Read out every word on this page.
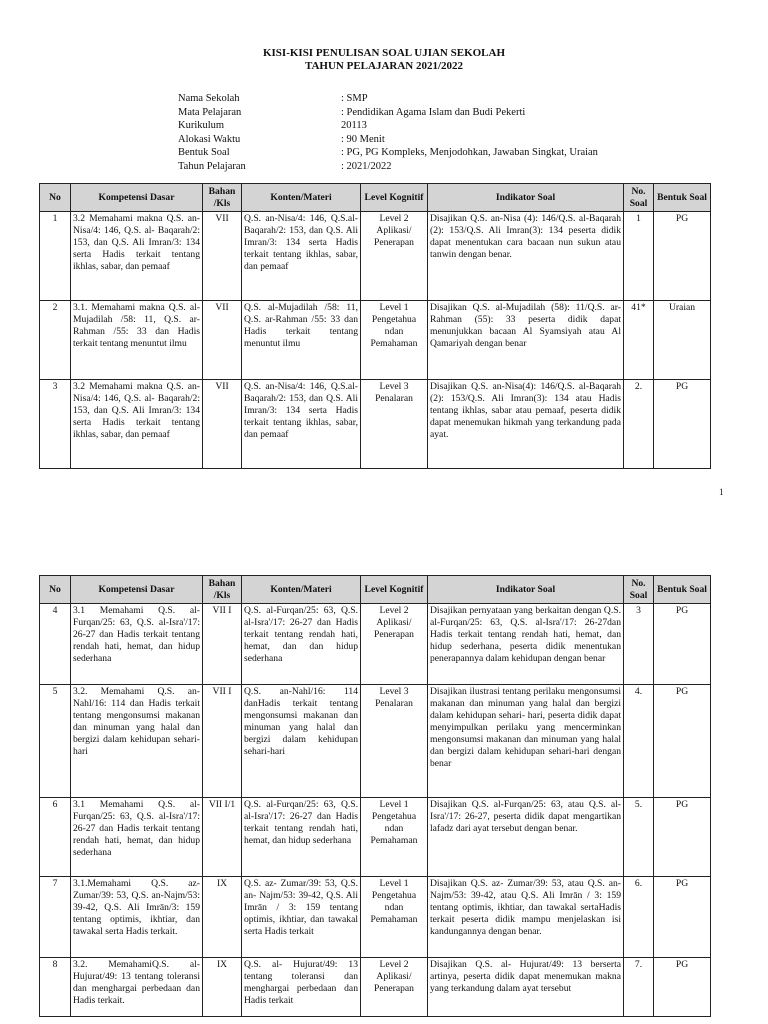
KISI-KISI PENULISAN SOAL UJIAN SEKOLAH
TAHUN PELAJARAN 2021/2022
Nama Sekolah	: SMP
Mata Pelajaran	: Pendidikan Agama Islam dan Budi Pekerti
Kurikulum	20113
Alokasi Waktu	: 90 Menit
Bentuk Soal	: PG, PG Kompleks, Menjodohkan, Jawaban Singkat, Uraian
Tahun Pelajaran	: 2021/2022
No	Kompetensi Dasar	Bahan /Kls	Konten/Materi	Level Kognitif	Indikator Soal	No. Soal	Bentuk Soal
1	3.2 Memahami makna Q.S. an- Nisa/4: 146, Q.S. al- Baqarah/2: 153, dan Q.S. Ali Imran/3: 134 serta Hadis terkait tentang ikhlas, sabar, dan pemaaf	VII	Q.S. an-Nisa/4: 146, Q.S.al-Baqarah/2: 153, dan Q.S. Ali Imran/3: 134 serta Hadis terkait tentang ikhlas, sabar, dan pemaaf	Level 2 Aplikasi/ Penerapan	Disajikan Q.S. an-Nisa (4): 146/Q.S. al-Baqarah (2): 153/Q.S. Ali Imran(3): 134 peserta didik dapat menentukan cara bacaan nun sukun atau tanwin dengan benar.	1	PG
2	3.1. Memahami makna Q.S. al-Mujadilah /58: 11, Q.S. ar- Rahman /55: 33 dan Hadis terkait tentang menuntut ilmu	VII	Q.S. al-Mujadilah /58: 11, Q.S. ar-Rahman /55: 33 dan Hadis terkait tentang menuntut ilmu	Level 1 Pengetahua ndan Pemahaman	Disajikan Q.S. al-Mujadilah (58): 11/Q.S. ar- Rahman (55): 33 peserta didik dapat menunjukkan bacaan Al Syamsiyah atau Al Qamariyah dengan benar	41*	Uraian
3	3.2 Memahami makna Q.S. an- Nisa/4: 146, Q.S. al- Baqarah/2: 153, dan Q.S. Ali Imran/3: 134 serta Hadis terkait tentang ikhlas, sabar, dan pemaaf	VII	Q.S. an-Nisa/4: 146, Q.S.al-Baqarah/2: 153, dan Q.S. Ali Imran/3: 134 serta Hadis terkait tentang ikhlas, sabar, dan pemaaf	Level 3 Penalaran	Disajikan Q.S. an-Nisa(4): 146/Q.S. al-Baqarah (2): 153/Q.S. Ali Imran(3): 134 atau Hadis tentang ikhlas, sabar atau pemaaf, peserta didik dapat menemukan hikmah yang terkandung pada ayat.	2.	PG
1
No	Kompetensi Dasar	Bahan /Kls	Konten/Materi	Level Kognitif	Indikator Soal	No. Soal	Bentuk Soal
4	3.1 Memahami Q.S. al-Furqan/25: 63, Q.S. al-Isra'/17: 26-27 dan Hadis terkait tentang rendah hati, hemat, dan hidup sederhana	VII I	Q.S. al-Furqan/25: 63, Q.S. al-Isra'/17: 26-27 dan Hadis terkait tentang rendah hati, hemat, dan dan hidup sederhana	Level 2 Aplikasi/ Penerapan	Disajikan pernyataan yang berkaitan dengan Q.S. al-Furqan/25: 63, Q.S. al-Isra'/17: 26-27dan Hadis terkait tentang rendah hati, hemat, dan hidup sederhana, peserta didik menentukan penerapannya dalam kehidupan dengan benar	3	PG
5	3.2. Memahami Q.S. an-Nahl/16: 114 dan Hadis terkait tentang mengonsumsi makanan dan minuman yang halal dan bergizi dalam kehidupan sehari- hari	VII I	Q.S. an-Nahl/16: 114 danHadis terkait tentang mengonsumsi makanan dan minuman yang halal dan bergizi dalam kehidupan sehari-hari	Level 3 Penalaran	Disajikan ilustrasi tentang perilaku mengonsumsi makanan dan minuman yang halal dan bergizi dalam kehidupan sehari- hari, peserta didik dapat menyimpulkan perilaku yang mencerminkan mengonsumsi makanan dan minuman yang halal dan bergizi dalam kehidupan sehari-hari dengan benar	4.	PG
6	3.1 Memahami Q.S. al-Furqan/25: 63, Q.S. al-Isra'/17: 26-27 dan Hadis terkait tentang rendah hati, hemat, dan hidup sederhana	VII I/1	Q.S. al-Furqan/25: 63, Q.S. al-Isra'/17: 26-27 dan Hadis terkait tentang rendah hati, hemat, dan hidup sederhana	Level 1 Pengetahua ndan Pemahaman	Disajikan Q.S. al-Furqan/25: 63, atau Q.S. al- Isra'/17: 26-27, peserta didik dapat mengartikan lafadz dari ayat tersebut dengan benar.	5.	PG
7	3.1.Memahami Q.S. az-Zumar/39: 53, Q.S. an-Najm/53: 39-42, Q.S. Ali Imrān/3: 159 tentang optimis, ikhtiar, dan tawakal serta Hadis terkait.	IX	Q.S. az- Zumar/39: 53, Q.S. an- Najm/53: 39-42, Q.S. Ali Imrān / 3: 159 tentang optimis, ikhtiar, dan tawakal serta Hadis terkait	Level 1 Pengetahua ndan Pemahaman	Disajikan Q.S. az- Zumar/39: 53, atau Q.S. an- Najm/53: 39-42, atau Q.S. Ali Imrān / 3: 159 tentang optimis, ikhtiar, dan tawakal sertaHadis terkait peserta didik mampu menjelaskan isi kandungannya dengan benar.	6.	PG
8	3.2. MemahamiQ.S. al-Hujurat/49: 13 tentang toleransi dan menghargai perbedaan dan Hadis terkait.	IX	Q.S. al- Hujurat/49: 13 tentang toleransi dan menghargai perbedaan dan Hadis terkait	Level 2 Aplikasi/ Penerapan	Disajikan Q.S. al- Hujurat/49: 13 berserta artinya, peserta didik dapat menemukan makna yang terkandung dalam ayat tersebut	7.	PG
